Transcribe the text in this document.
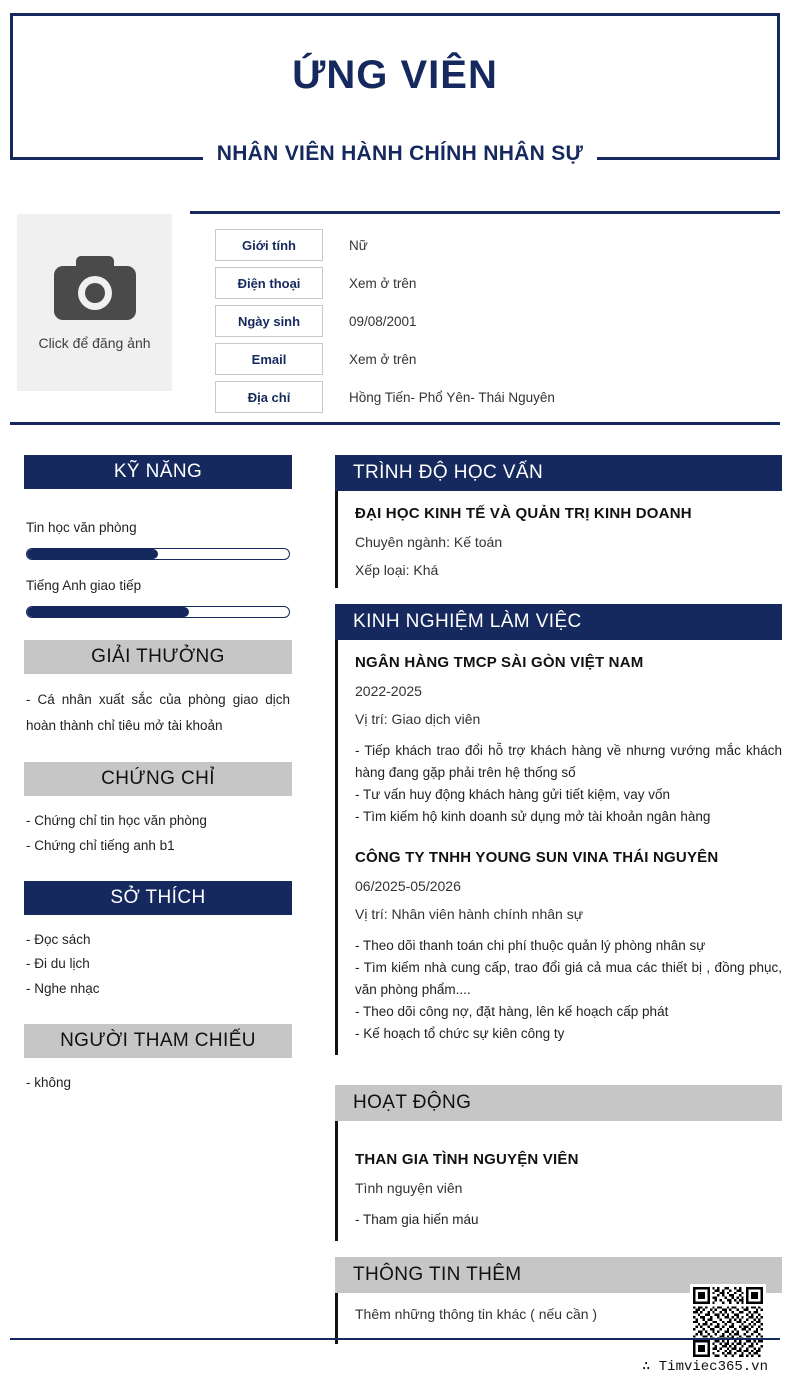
ỨNG VIÊN
NHÂN VIÊN HÀNH CHÍNH NHÂN SỰ
Click để đăng ảnh
Giới tính	Nữ
Điện thoại	Xem ở trên
Ngày sinh	09/08/2001
Email	Xem ở trên
Địa chỉ	Hồng Tiến- Phổ Yên- Thái Nguyên
KỸ NĂNG
Tin học văn phòng
Tiếng Anh giao tiếp
GIẢI THƯỞNG
- Cá nhân xuất sắc của phòng giao dịch hoàn thành chỉ tiêu mở tài khoản
CHỨNG CHỈ
- Chứng chỉ tin học văn phòng
- Chứng chỉ tiếng anh b1
SỞ THÍCH
- Đọc sách
- Đi du lịch
- Nghe nhạc
NGƯỜI THAM CHIẾU
- không
TRÌNH ĐỘ HỌC VẤN
ĐẠI HỌC KINH TẾ VÀ QUẢN TRỊ KINH DOANH
Chuyên ngành: Kế toán
Xếp loại: Khá
KINH NGHIỆM LÀM VIỆC
NGÂN HÀNG TMCP SÀI GÒN VIỆT NAM
2022-2025
Vị trí: Giao dịch viên
- Tiếp khách trao đổi hỗ trợ khách hàng về nhưng vướng mắc khách hàng đang gặp phải trên hệ thống số
- Tư vấn huy động khách hàng gửi tiết kiệm, vay vốn
- Tìm kiếm hộ kinh doanh sử dụng mở tài khoản ngân hàng
CÔNG TY TNHH YOUNG SUN VINA THÁI NGUYÊN
06/2025-05/2026
Vị trí: Nhân viên hành chính nhân sự
- Theo dõi thanh toán chi phí thuộc quản lý phòng nhân sự
- Tìm kiếm nhà cung cấp, trao đổi giá cả mua các thiết bị , đồng phục, văn phòng phẩm....
- Theo dõi công nợ, đặt hàng, lên kế hoạch cấp phát
- Kế hoạch tổ chức sự kiên công ty
HOẠT ĐỘNG
THAN GIA TÌNH NGUYỆN VIÊN
Tình nguyện viên
- Tham gia hiến máu
THÔNG TIN THÊM
Thêm những thông tin khác ( nếu cần )
∴ Timviec365.vn
